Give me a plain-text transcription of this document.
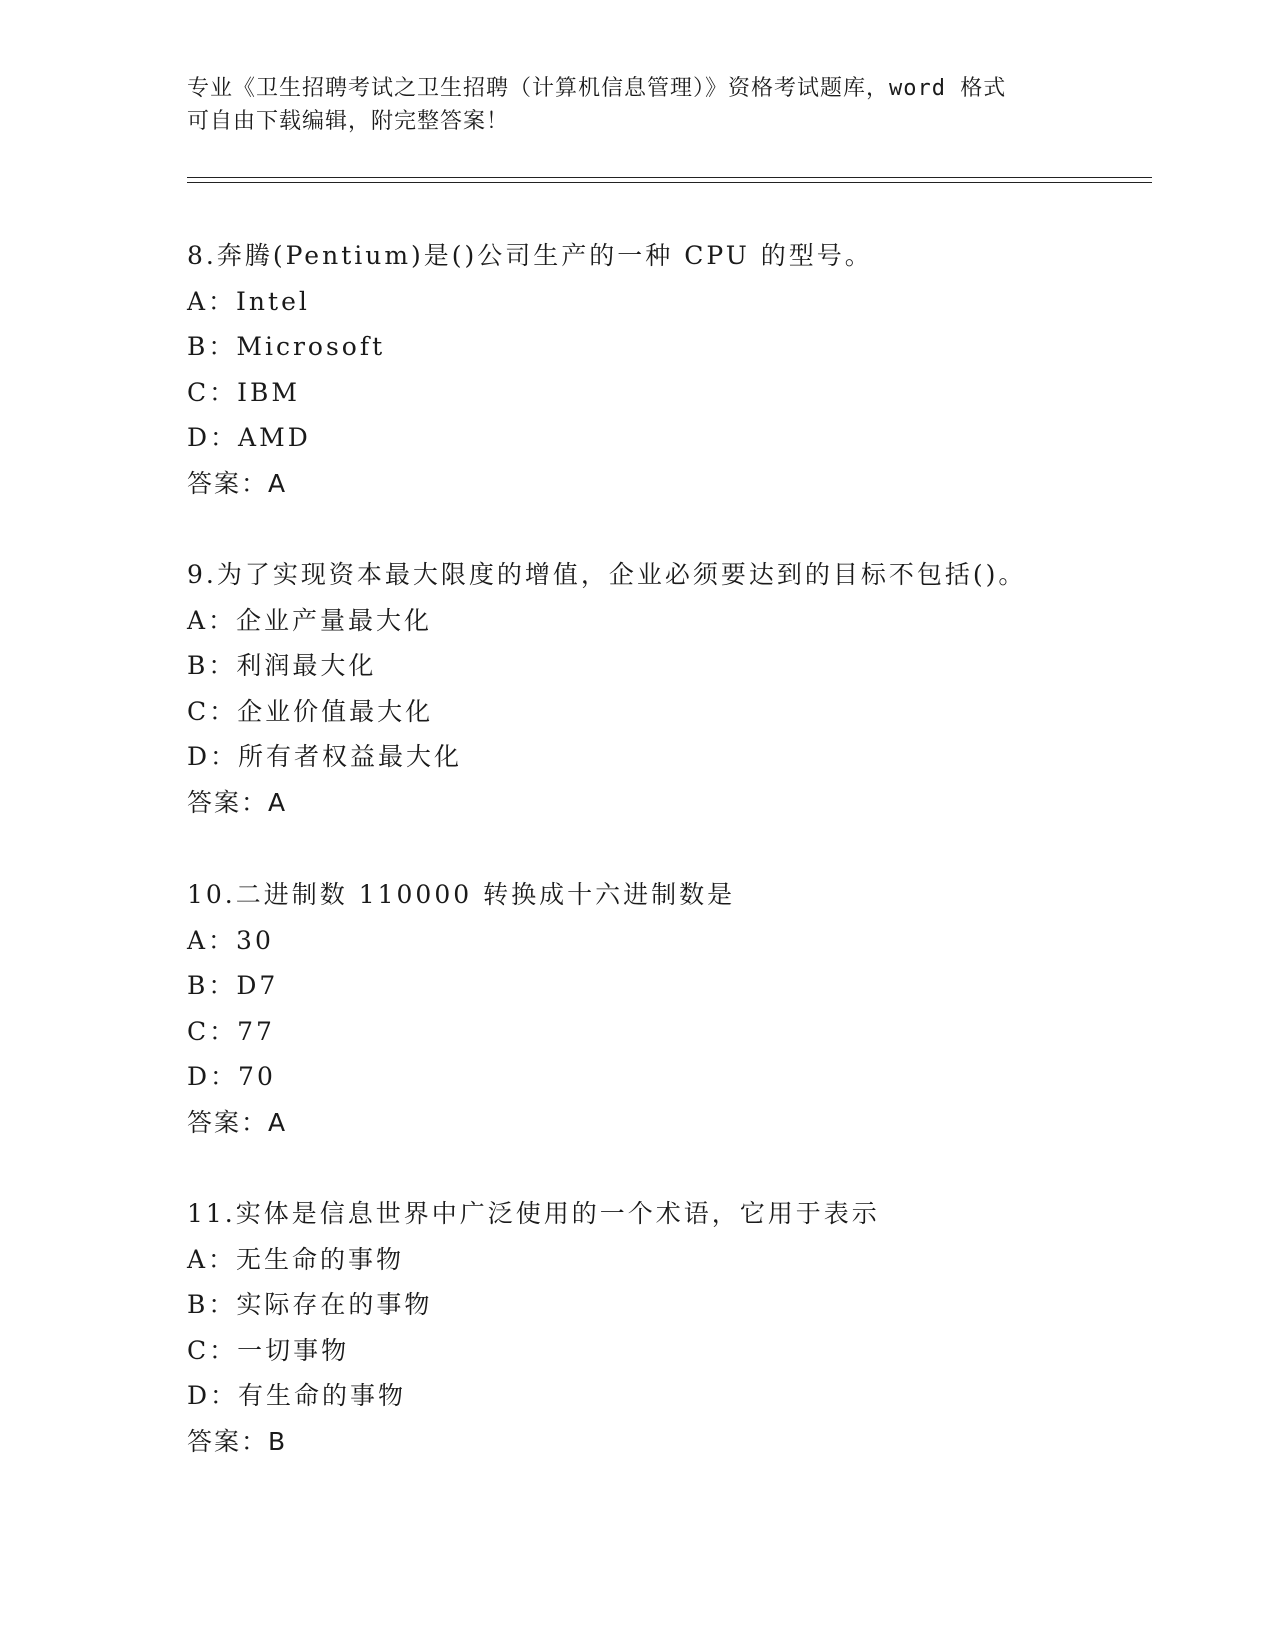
专业《卫生招聘考试之卫生招聘（计算机信息管理）》资格考试题库，word 格式
可自由下载编辑，附完整答案！
8.奔腾(Pentium)是()公司生产的一种 CPU 的型号。
A：Intel
B：Microsoft
C：IBM
D：AMD
答案：A
9.为了实现资本最大限度的增值，企业必须要达到的目标不包括()。
A：企业产量最大化
B：利润最大化
C：企业价值最大化
D：所有者权益最大化
答案：A
10.二进制数 110000 转换成十六进制数是
A：30
B：D7
C：77
D：70
答案：A
11.实体是信息世界中广泛使用的一个术语，它用于表示
A：无生命的事物
B：实际存在的事物
C：一切事物
D：有生命的事物
答案：B
